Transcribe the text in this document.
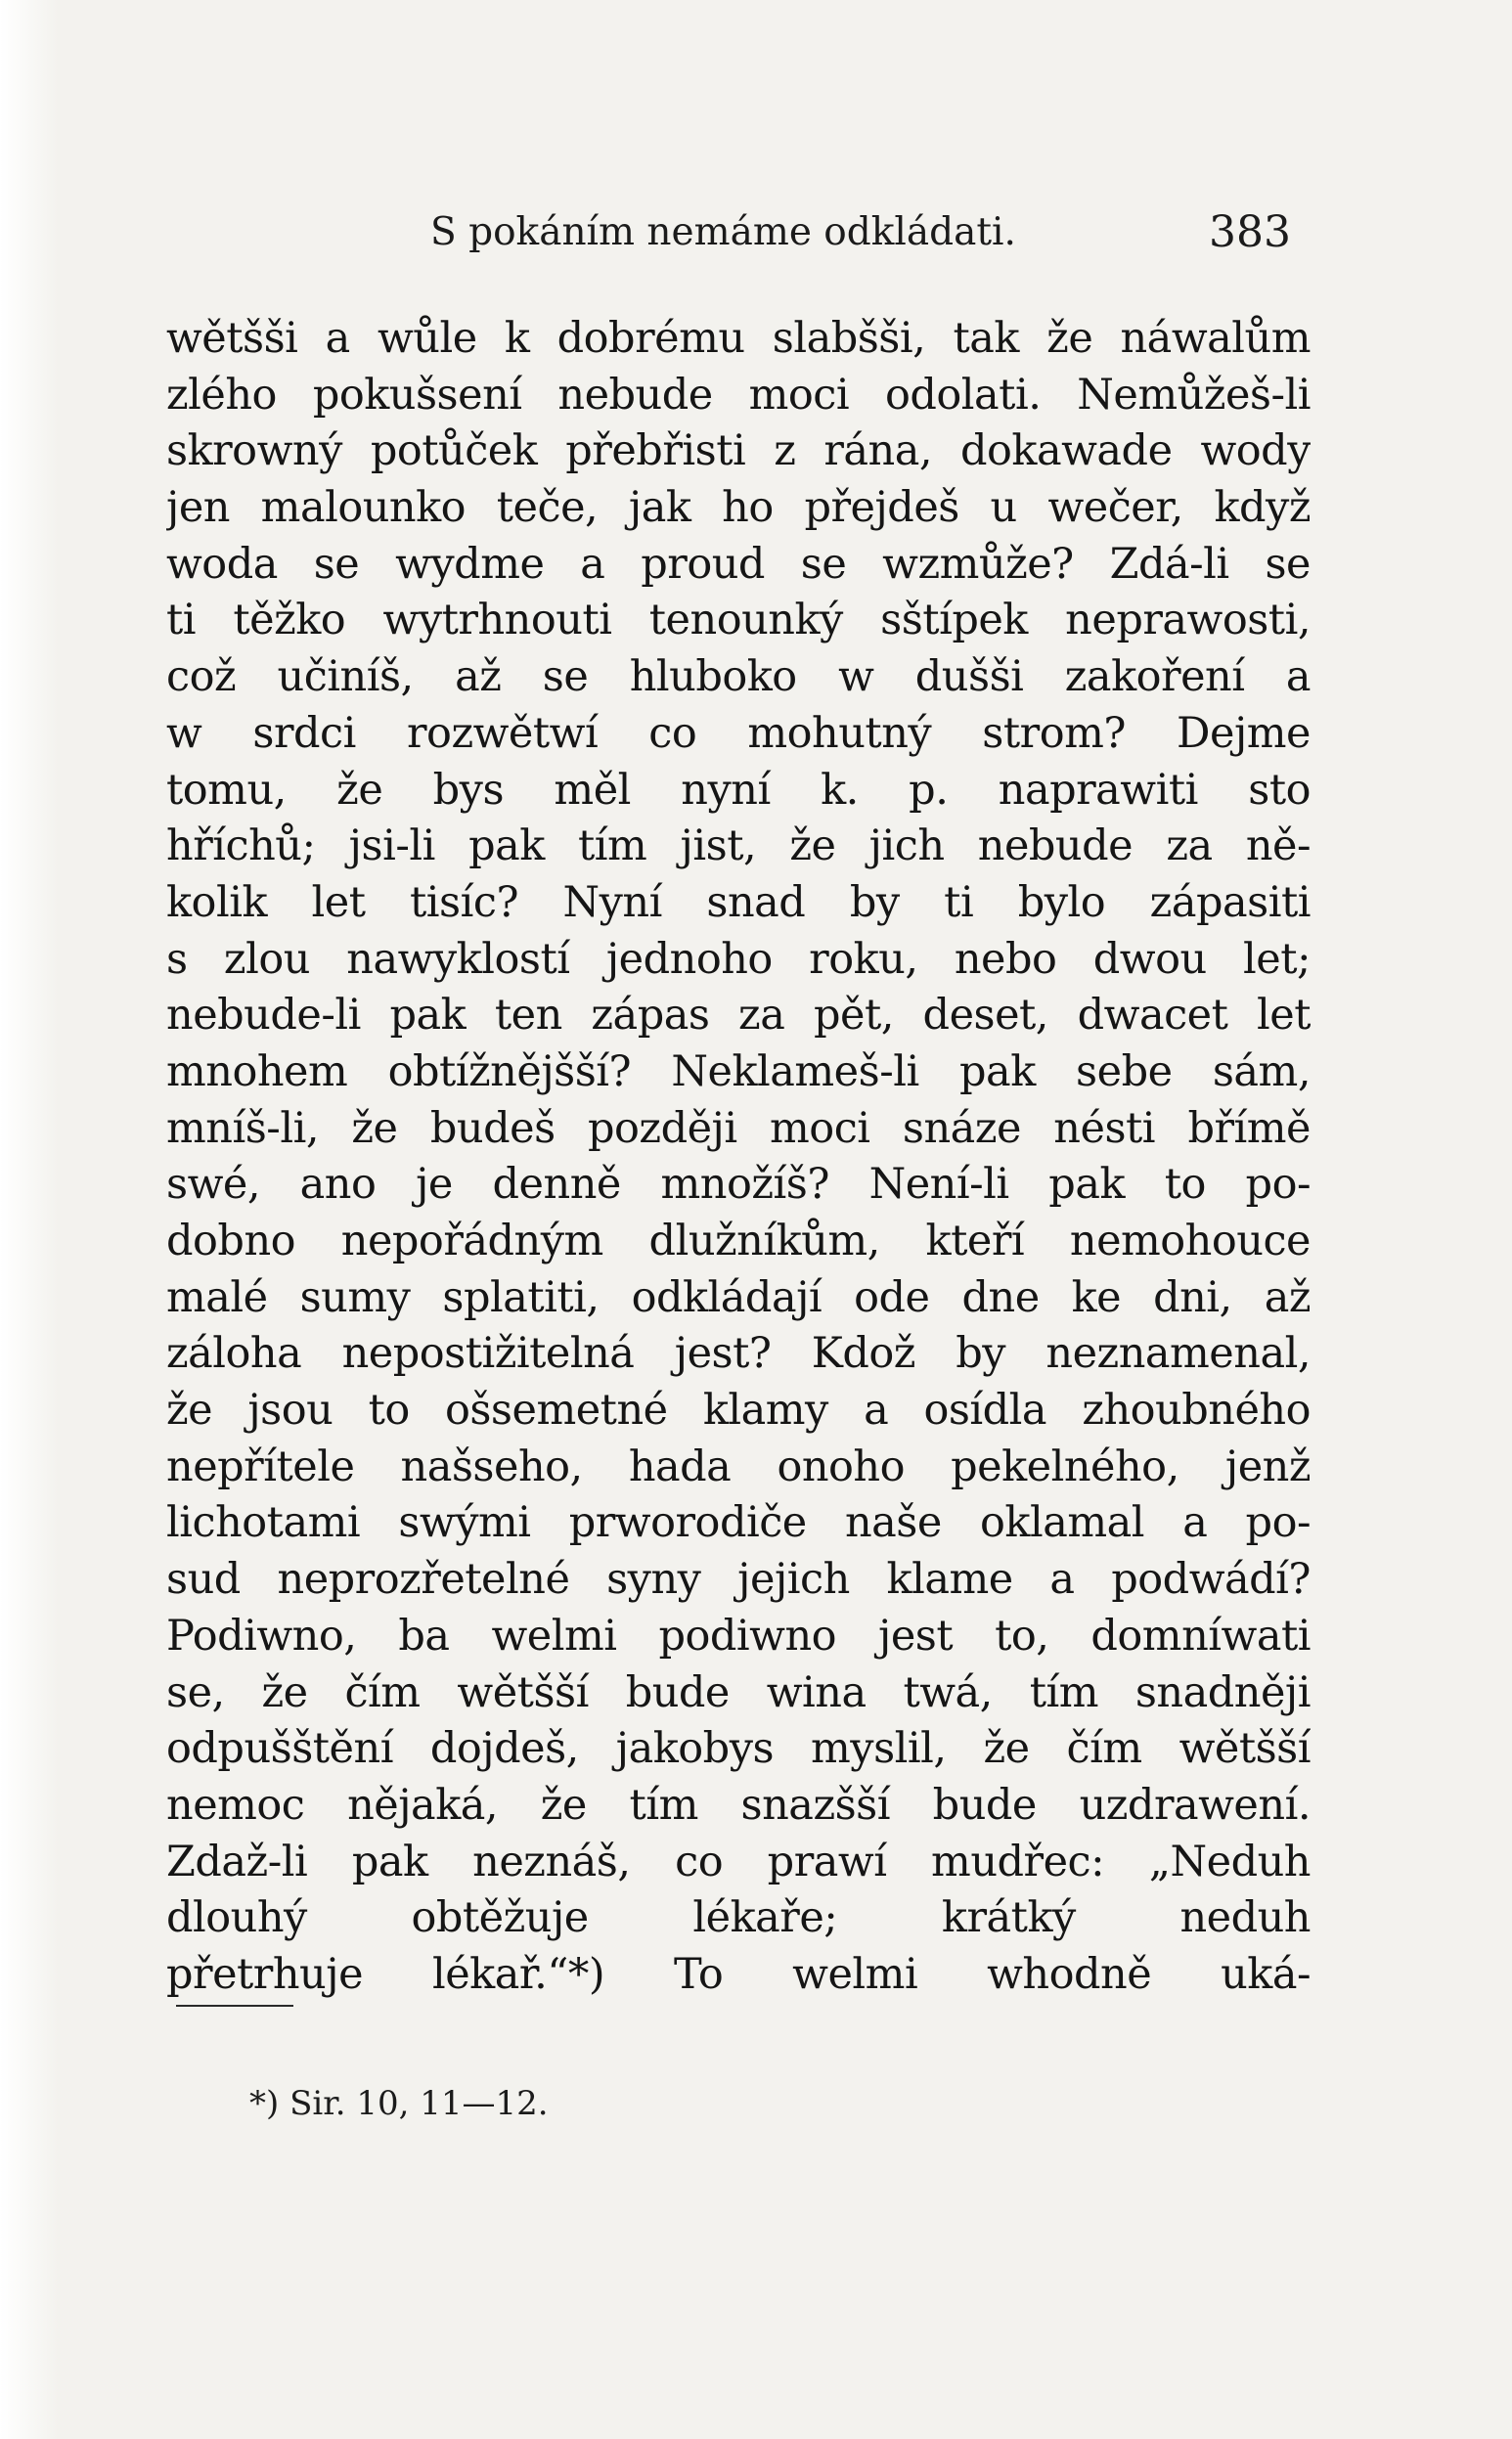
S pokáním nemáme odkládati.	383
wětšši a wůle k dobrému slabšši, tak že náwalům
zlého pokušsení nebude moci odolati. Nemůžeš-li
skrowný potůček přebřisti z rána, dokawade wody
jen malounko teče, jak ho přejdeš u wečer, když
woda se wydme a proud se wzmůže? Zdá-li se
ti těžko wytrhnouti tenounký sštípek neprawosti,
což učiníš, až se hluboko w dušši zakoření a
w srdci rozwětwí co mohutný strom? Dejme
tomu, že bys měl nyní k. p. naprawiti sto
hříchů; jsi-li pak tím jist, že jich nebude za ně-
kolik let tisíc? Nyní snad by ti bylo zápasiti
s zlou nawyklostí jednoho roku, nebo dwou let;
nebude-li pak ten zápas za pět, deset, dwacet let
mnohem obtížnějšší? Neklameš-li pak sebe sám,
mníš-li, že budeš později moci snáze nésti břímě
swé, ano je denně množíš? Není-li pak to po-
dobno nepořádným dlužníkům, kteří nemohouce
malé sumy splatiti, odkládají ode dne ke dni, až
záloha nepostižitelná jest? Kdož by neznamenal,
že jsou to ošsemetné klamy a osídla zhoubného
nepřítele našseho, hada onoho pekelného, jenž
lichotami swými prworodiče naše oklamal a po-
sud neprozřetelné syny jejich klame a podwádí?
Podiwno, ba welmi podiwno jest to, domníwati
se, že čím wětšší bude wina twá, tím snadněji
odpušštění dojdeš, jakobys myslil, že čím wětšší
nemoc nějaká, že tím snazšší bude uzdrawení.
Zdaž-li pak neznáš, co prawí mudřec: „Neduh
dlouhý obtěžuje lékaře; krátký neduh
přetrhuje lékař.“*) To welmi whodně uká-
*) Sir. 10, 11—12.
